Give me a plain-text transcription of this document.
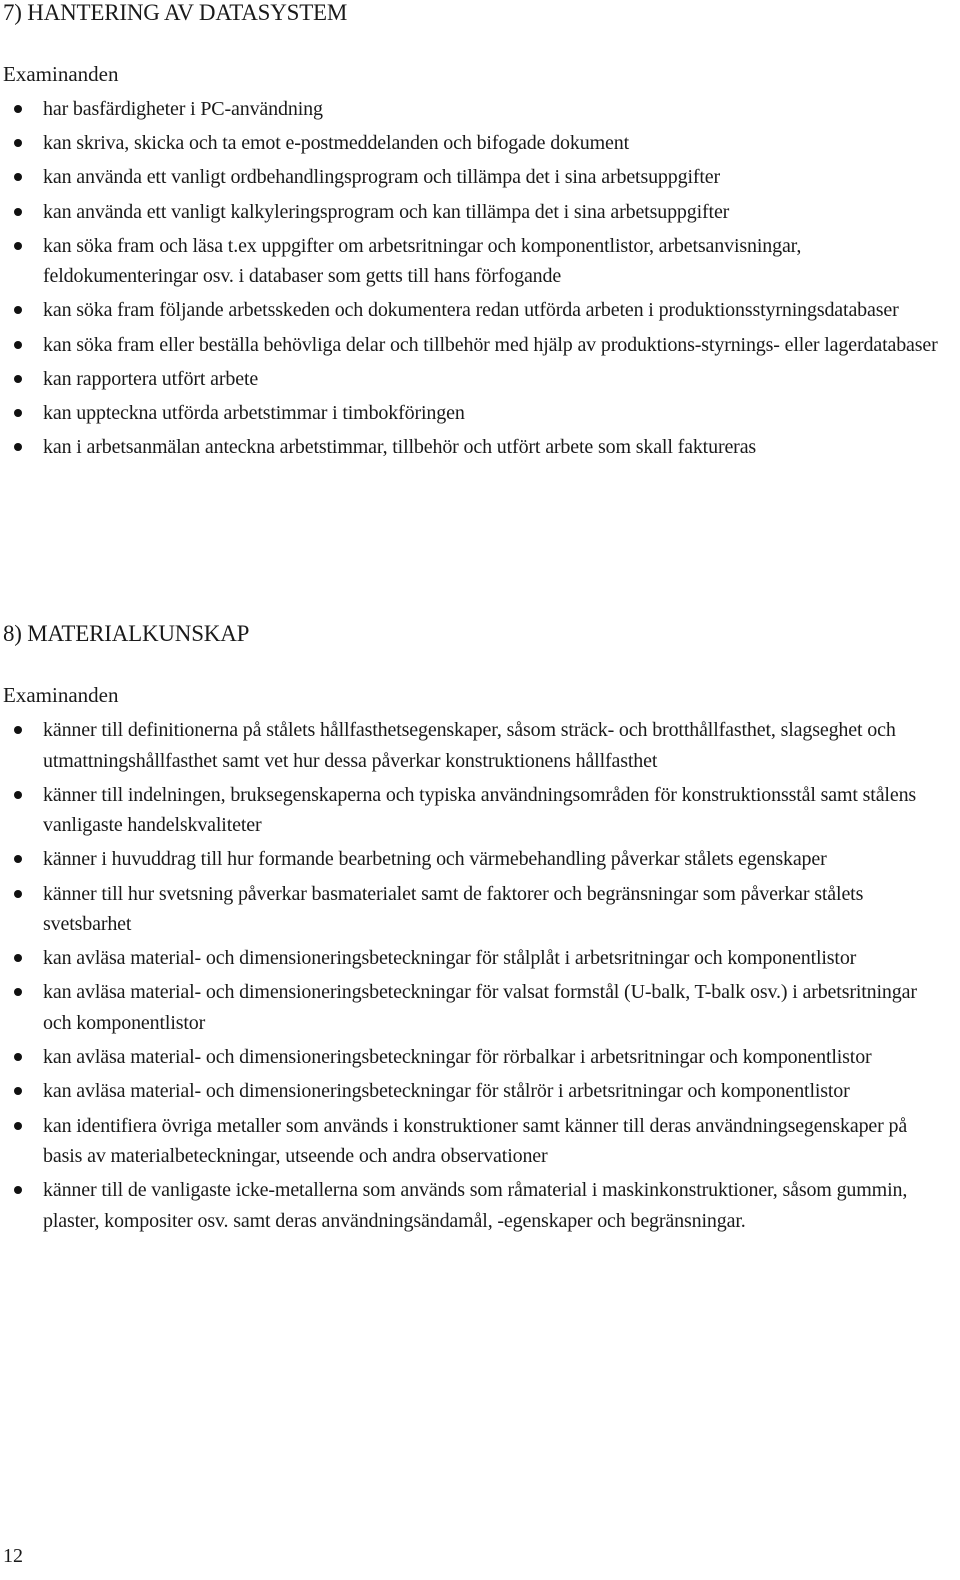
7) HANTERING AV DATASYSTEM

Examinanden

har basfärdigheter i PC-användning
kan skriva, skicka och ta emot e-postmeddelanden och bifogade dokument
kan använda ett vanligt ordbehandlingsprogram och tillämpa det i sina arbetsuppgifter
kan använda ett vanligt kalkyleringsprogram och kan tillämpa det i sina arbetsuppgifter
kan söka fram och läsa t.ex uppgifter om arbetsritningar och komponentlistor, arbetsanvisningar, feldokumenteringar osv. i databaser som getts till hans förfogande
kan söka fram följande arbetsskeden och dokumentera redan utförda arbeten i produktionsstyrningsdatabaser
kan söka fram eller beställa behövliga delar och tillbehör med hjälp av produktions-styrnings- eller lagerdatabaser
kan rapportera utfört arbete
kan uppteckna utförda arbetstimmar i timbokföringen
kan i arbetsanmälan anteckna arbetstimmar, tillbehör och utfört arbete som skall faktureras
8) MATERIALKUNSKAP

Examinanden

känner till definitionerna på stålets hållfasthetsegenskaper, såsom sträck- och brotthållfasthet, slagseghet och utmattningshållfasthet samt vet hur dessa påverkar konstruktionens hållfasthet
känner till indelningen, bruksegenskaperna och typiska användningsområden för konstruktionsstål samt stålens vanligaste handelskvaliteter
känner i huvuddrag till hur formande bearbetning och värmebehandling påverkar stålets egenskaper
känner till hur svetsning påverkar basmaterialet samt de faktorer och begränsningar som påverkar stålets svetsbarhet
kan avläsa material- och dimensioneringsbeteckningar för stålplåt i arbetsritningar och komponentlistor
kan avläsa material- och dimensioneringsbeteckningar för valsat formstål (U-balk, T-balk osv.) i arbetsritningar och komponentlistor
kan avläsa material- och dimensioneringsbeteckningar för rörbalkar i arbetsritningar och komponentlistor
kan avläsa material- och dimensioneringsbeteckningar för stålrör i arbetsritningar och komponentlistor
kan identifiera övriga metaller som används i konstruktioner samt känner till deras användningsegenskaper på basis av materialbeteckningar, utseende och andra observationer
känner till de vanligaste icke-metallerna som används som råmaterial i maskinkonstruktioner, såsom gummin, plaster, kompositer osv. samt deras användningsändamål, -egenskaper och begränsningar.

12
